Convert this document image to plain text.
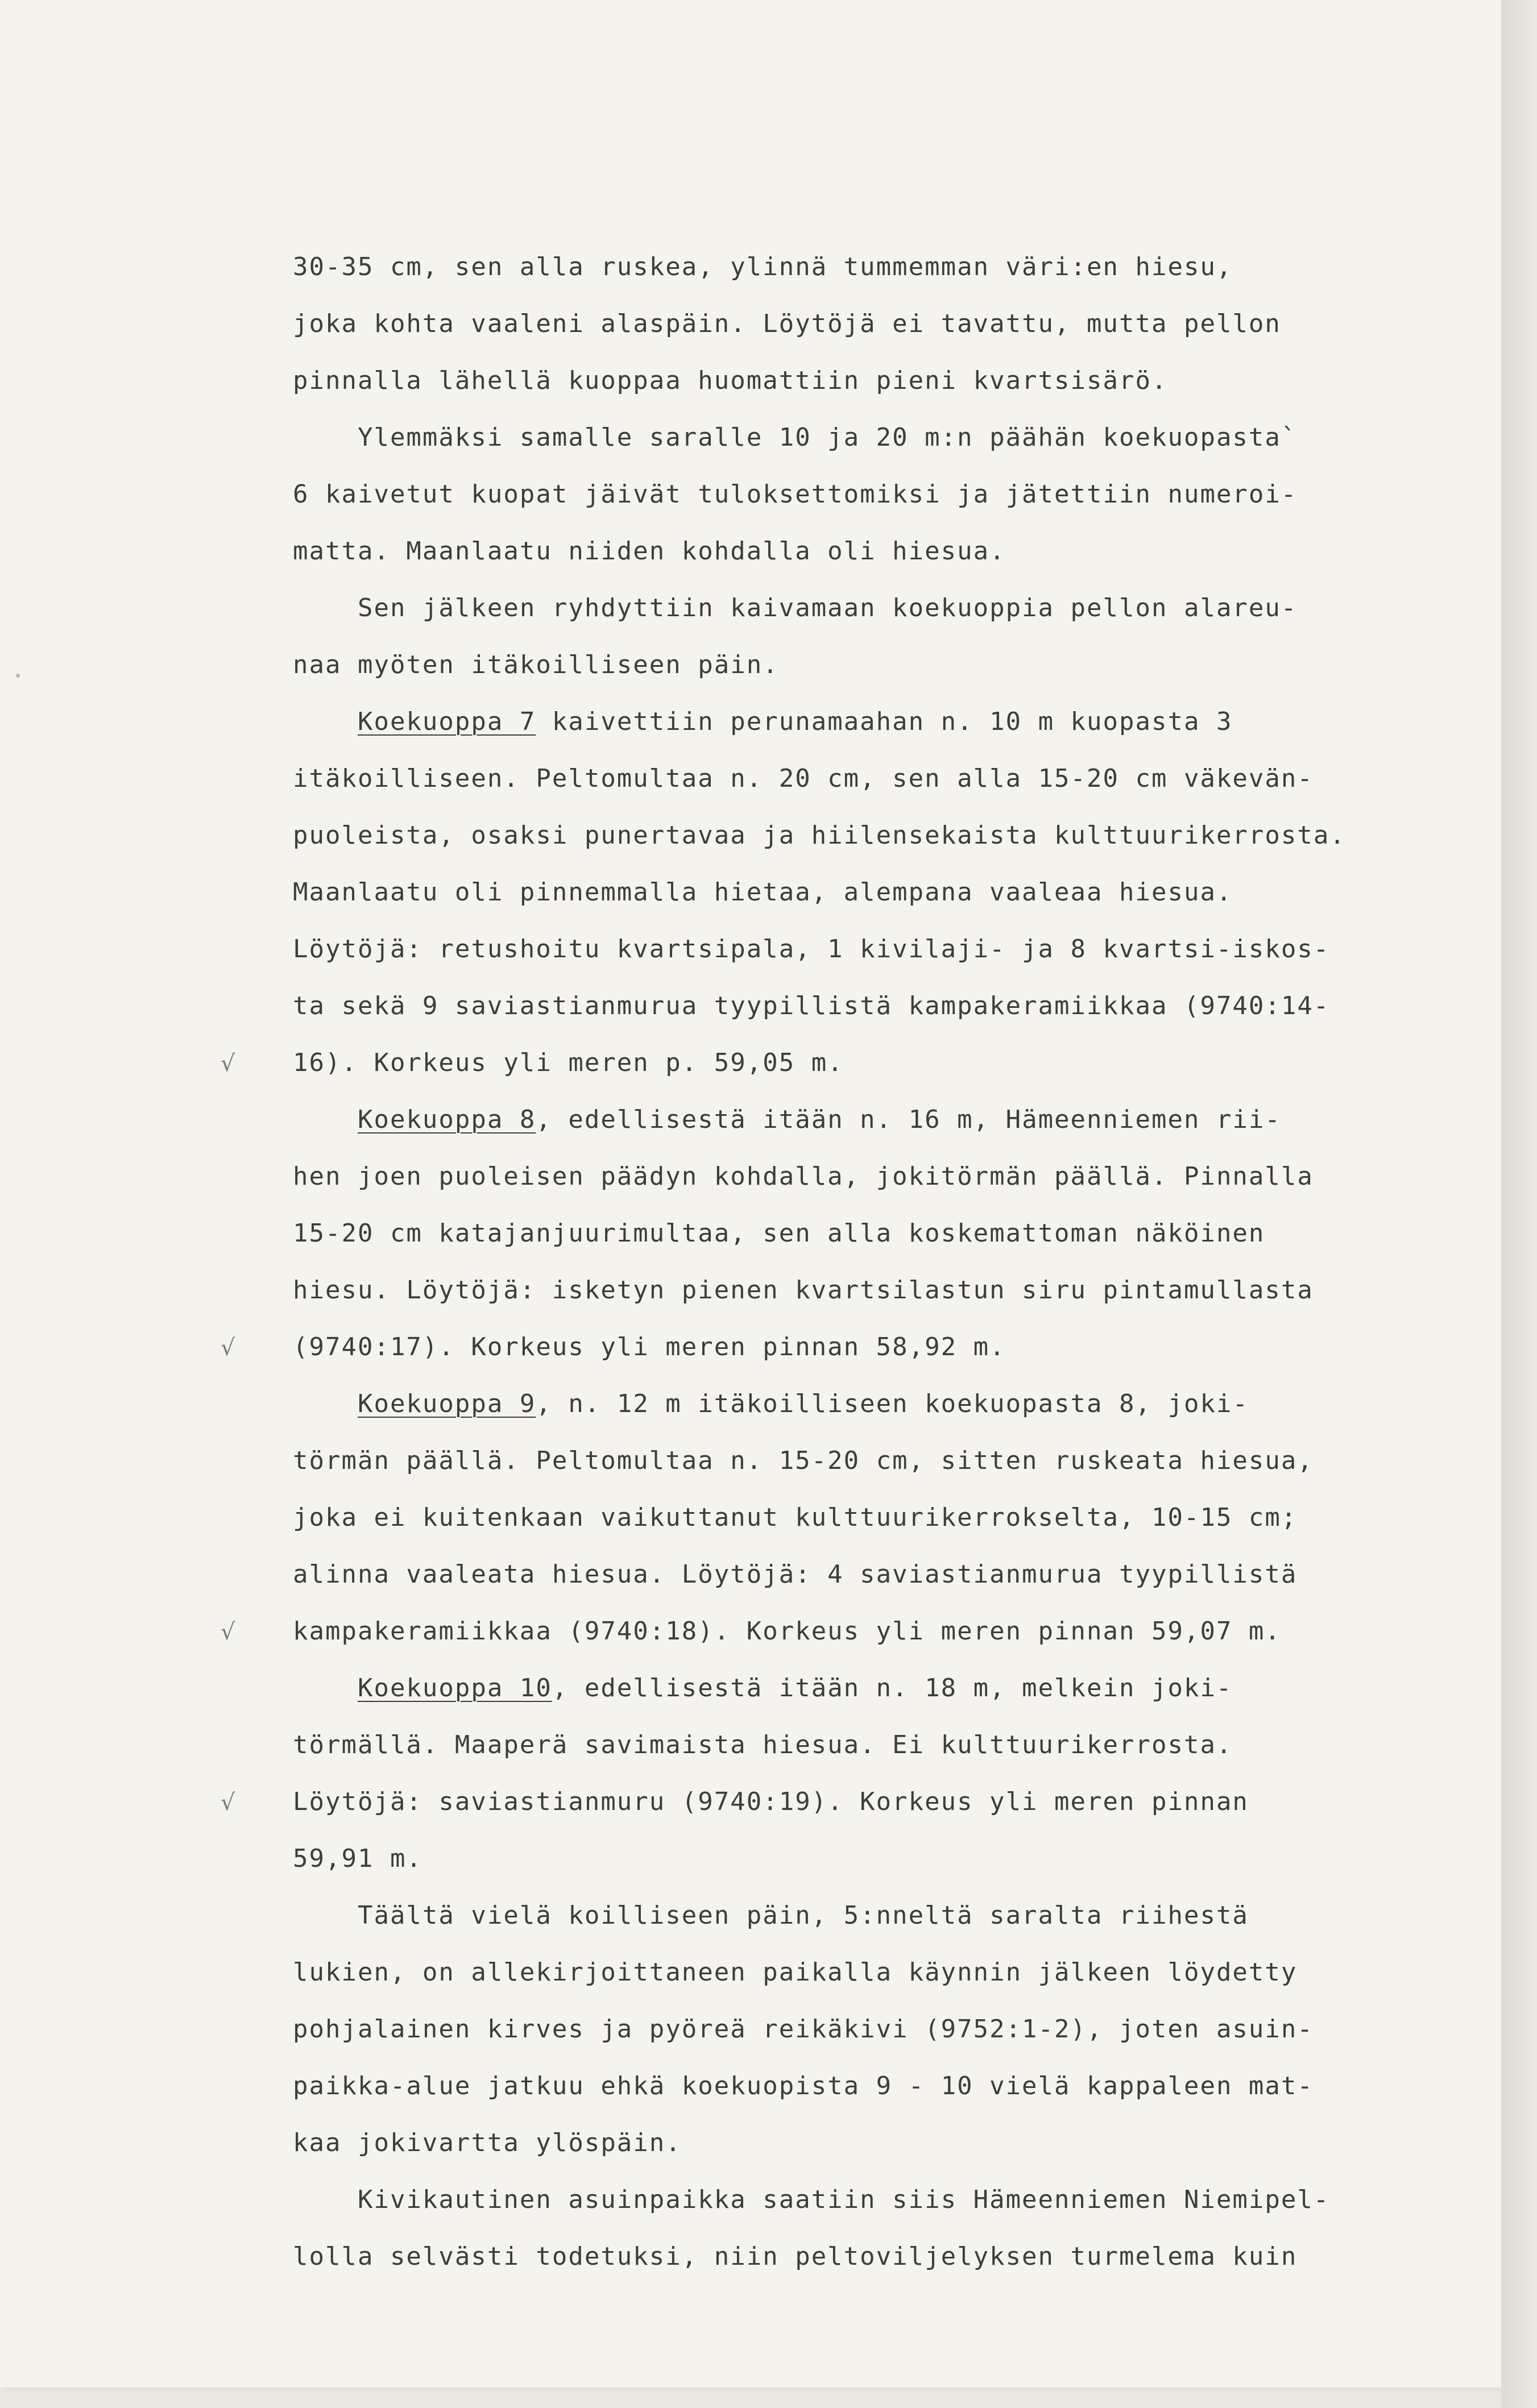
30-35 cm, sen alla ruskea, ylinnä tummemman väri:en hiesu,
joka kohta vaaleni alaspäin. Löytöjä ei tavattu, mutta pellon
pinnalla lähellä kuoppaa huomattiin pieni kvartsisärö.
Ylemmäksi samalle saralle 10 ja 20 m:n päähän koekuopasta`
6 kaivetut kuopat jäivät tuloksettomiksi ja jätettiin numeroi-
matta. Maanlaatu niiden kohdalla oli hiesua.
Sen jälkeen ryhdyttiin kaivamaan koekuoppia pellon alareu-
naa myöten itäkoilliseen päin.
Koekuoppa 7 kaivettiin perunamaahan n. 10 m kuopasta 3
itäkoilliseen. Peltomultaa n. 20 cm, sen alla 15-20 cm väkevän-
puoleista, osaksi punertavaa ja hiilensekaista kulttuurikerrosta.
Maanlaatu oli pinnemmalla hietaa, alempana vaaleaa hiesua.
Löytöjä: retushoitu kvartsipala, 1 kivilaji- ja 8 kvartsi-iskos-
ta sekä 9 saviastianmurua tyypillistä kampakeramiikkaa (9740:14-
16). Korkeus yli meren p. 59,05 m.
Koekuoppa 8, edellisestä itään n. 16 m, Hämeenniemen rii-
hen joen puoleisen päädyn kohdalla, jokitörmän päällä. Pinnalla
15-20 cm katajanjuurimultaa, sen alla koskemattoman näköinen
hiesu. Löytöjä: isketyn pienen kvartsilastun siru pintamullasta
(9740:17). Korkeus yli meren pinnan 58,92 m.
Koekuoppa 9, n. 12 m itäkoilliseen koekuopasta 8, joki-
törmän päällä. Peltomultaa n. 15-20 cm, sitten ruskeata hiesua,
joka ei kuitenkaan vaikuttanut kulttuurikerrokselta, 10-15 cm;
alinna vaaleata hiesua. Löytöjä: 4 saviastianmurua tyypillistä
kampakeramiikkaa (9740:18). Korkeus yli meren pinnan 59,07 m.
Koekuoppa 10, edellisestä itään n. 18 m, melkein joki-
törmällä. Maaperä savimaista hiesua. Ei kulttuurikerrosta.
Löytöjä: saviastianmuru (9740:19). Korkeus yli meren pinnan
59,91 m.
Täältä vielä koilliseen päin, 5:nneltä saralta riihestä
lukien, on allekirjoittaneen paikalla käynnin jälkeen löydetty
pohjalainen kirves ja pyöreä reikäkivi (9752:1-2), joten asuin-
paikka-alue jatkuu ehkä koekuopista 9 - 10 vielä kappaleen mat-
kaa jokivartta ylöspäin.
Kivikautinen asuinpaikka saatiin siis Hämeenniemen Niemipel-
lolla selvästi todetuksi, niin peltoviljelyksen turmelema kuin
√
√
√
√
